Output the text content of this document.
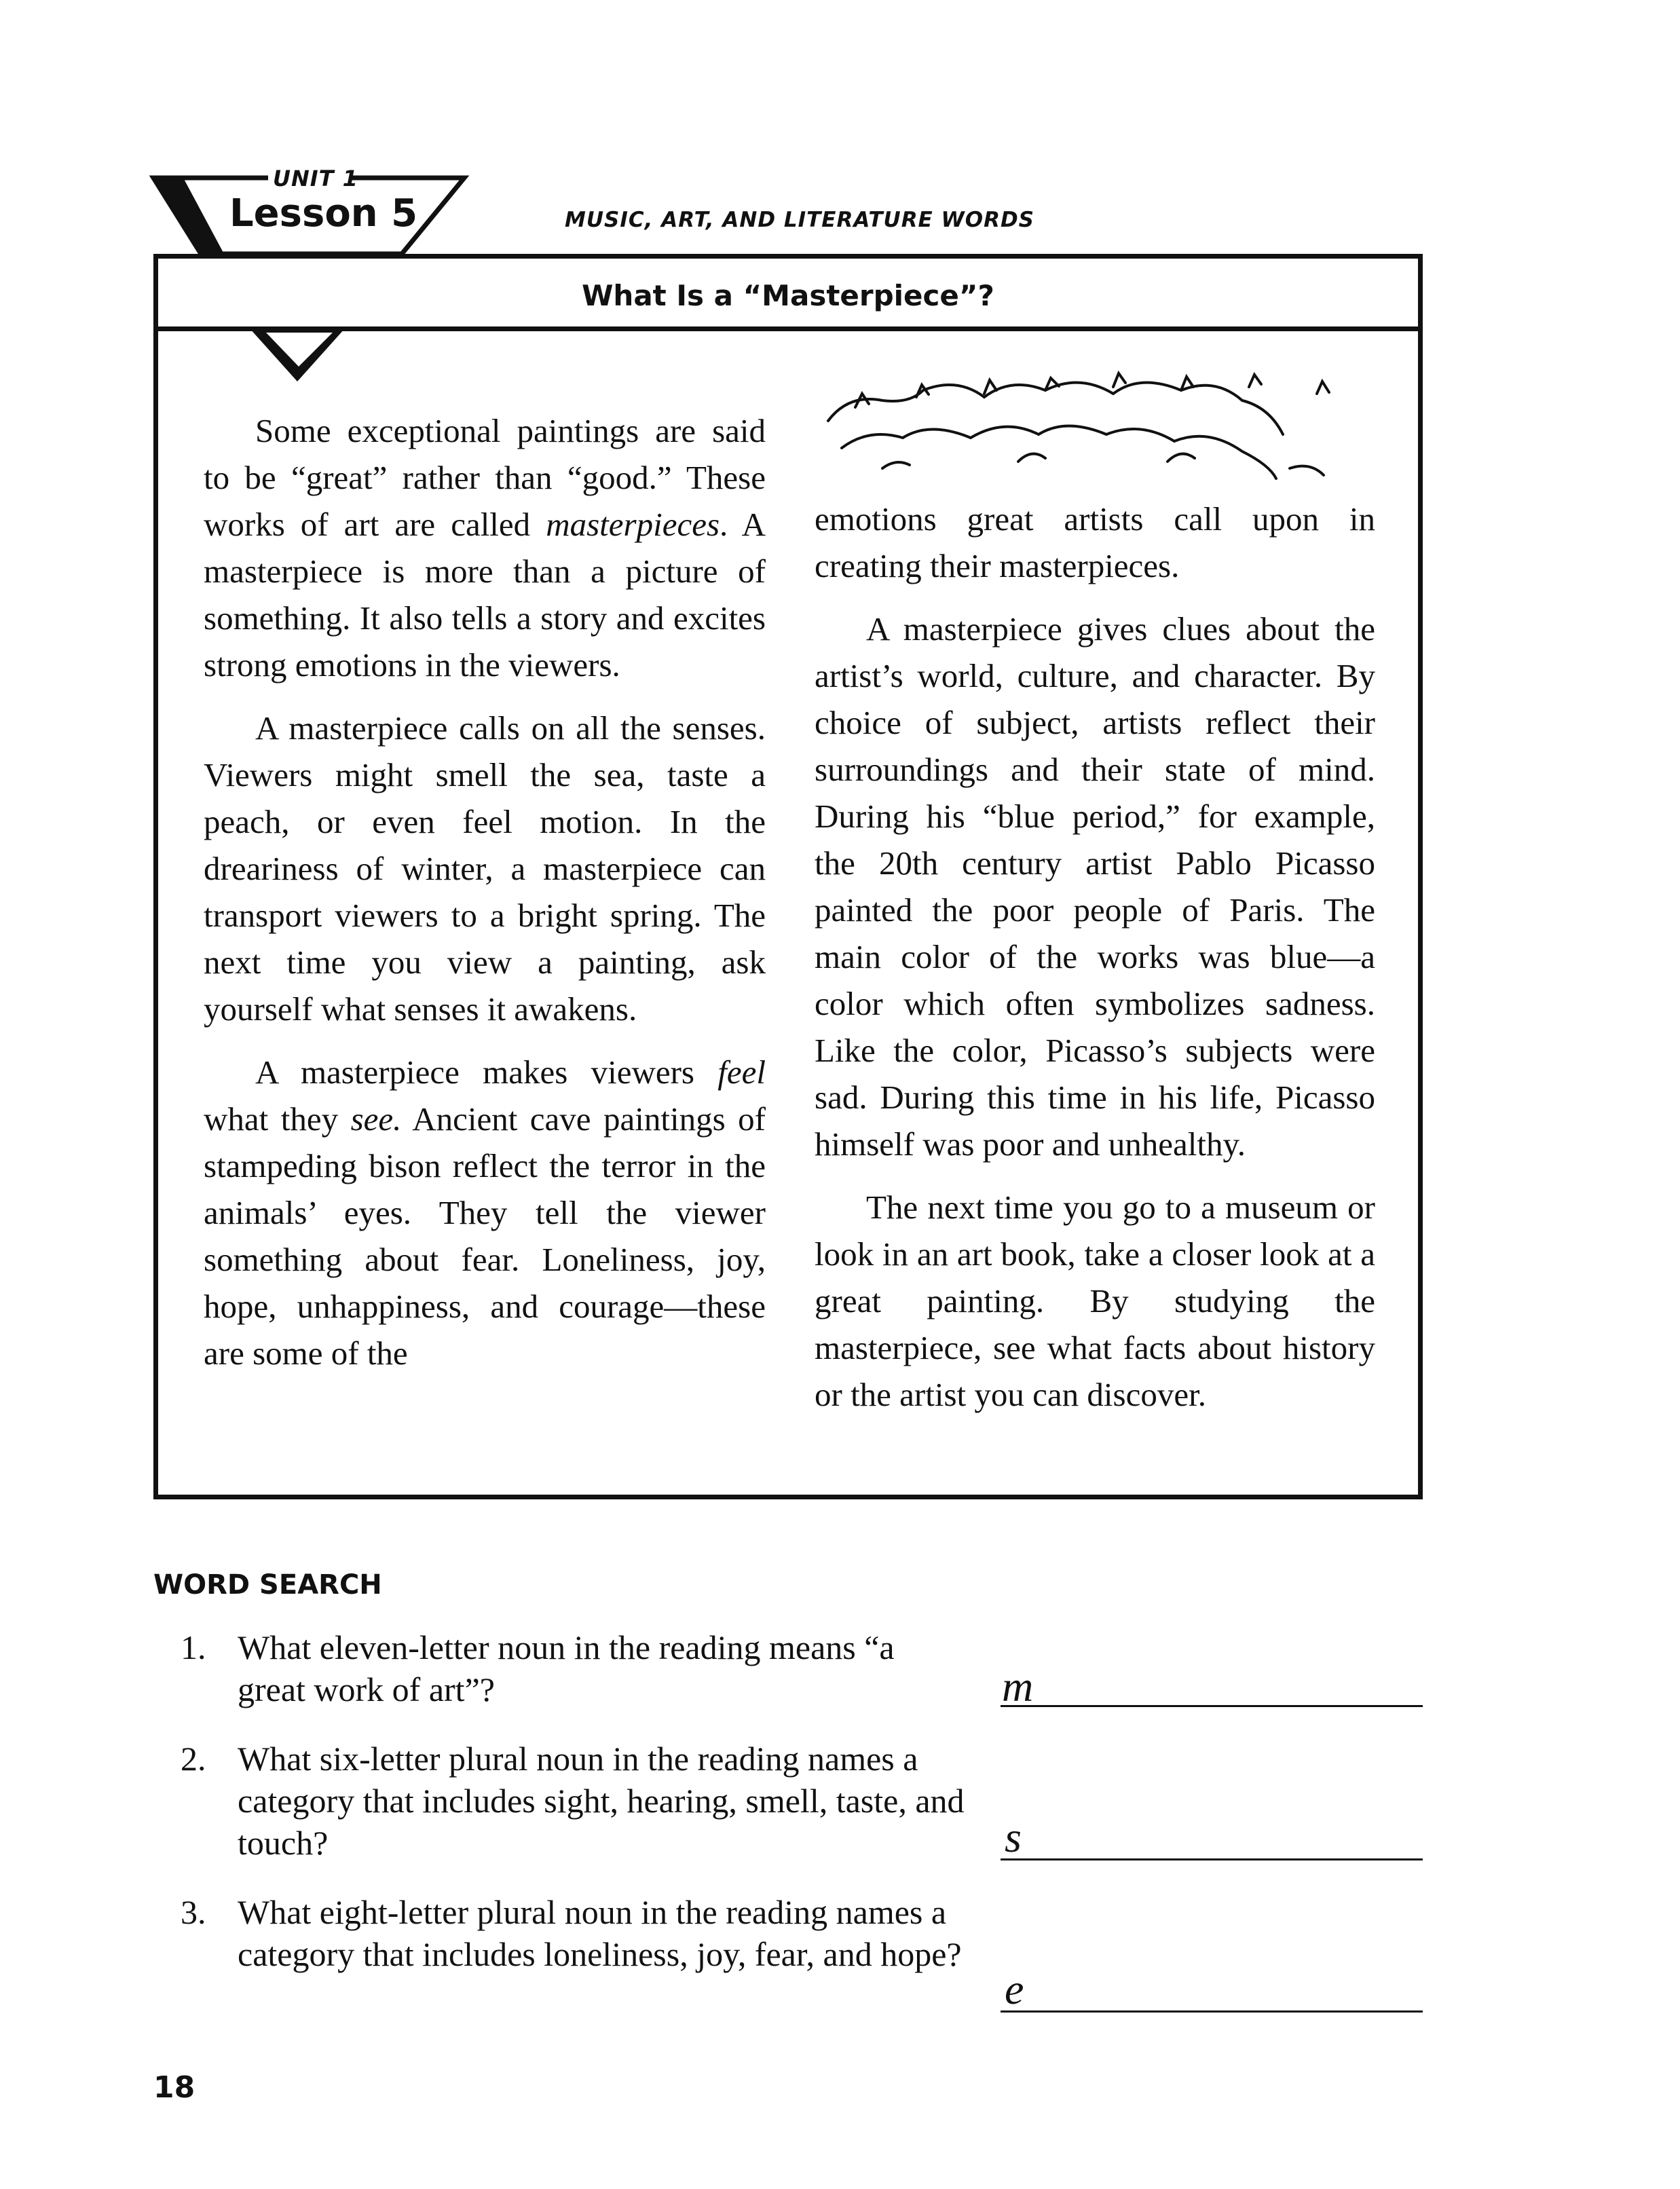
UNIT 1
Lesson 5	MUSIC, ART, AND LITERATURE WORDS
What Is a “Masterpiece”?

Some exceptional paintings are said to be “great” rather than “good.” These works of art are called masterpieces. A masterpiece is more than a picture of something. It also tells a story and excites strong emotions in the viewers.

A masterpiece calls on all the senses. Viewers might smell the sea, taste a peach, or even feel motion. In the dreariness of winter, a masterpiece can transport viewers to a bright spring. The next time you view a painting, ask yourself what senses it awakens.

A masterpiece makes viewers feel what they see. Ancient cave paintings of stampeding bison reflect the terror in the animals’ eyes. They tell the viewer something about fear. Loneliness, joy, hope, unhappiness, and courage—these are some of the

emotions great artists call upon in creating their masterpieces.

A masterpiece gives clues about the artist’s world, culture, and character. By choice of subject, artists reflect their surroundings and their state of mind. During his “blue period,” for example, the 20th century artist Pablo Picasso painted the poor people of Paris. The main color of the works was blue—a color which often symbolizes sadness. Like the color, Picasso’s subjects were sad. During this time in his life, Picasso himself was poor and unhealthy.

The next time you go to a museum or look in an art book, take a closer look at a great painting. By studying the masterpiece, see what facts about history or the artist you can discover.

WORD SEARCH
1. What eleven-letter noun in the reading means “a great work of art”?	m
2. What six-letter plural noun in the reading names a category that includes sight, hearing, smell, taste, and touch?	s
3. What eight-letter plural noun in the reading names a category that includes loneliness, joy, fear, and hope?
e
18
